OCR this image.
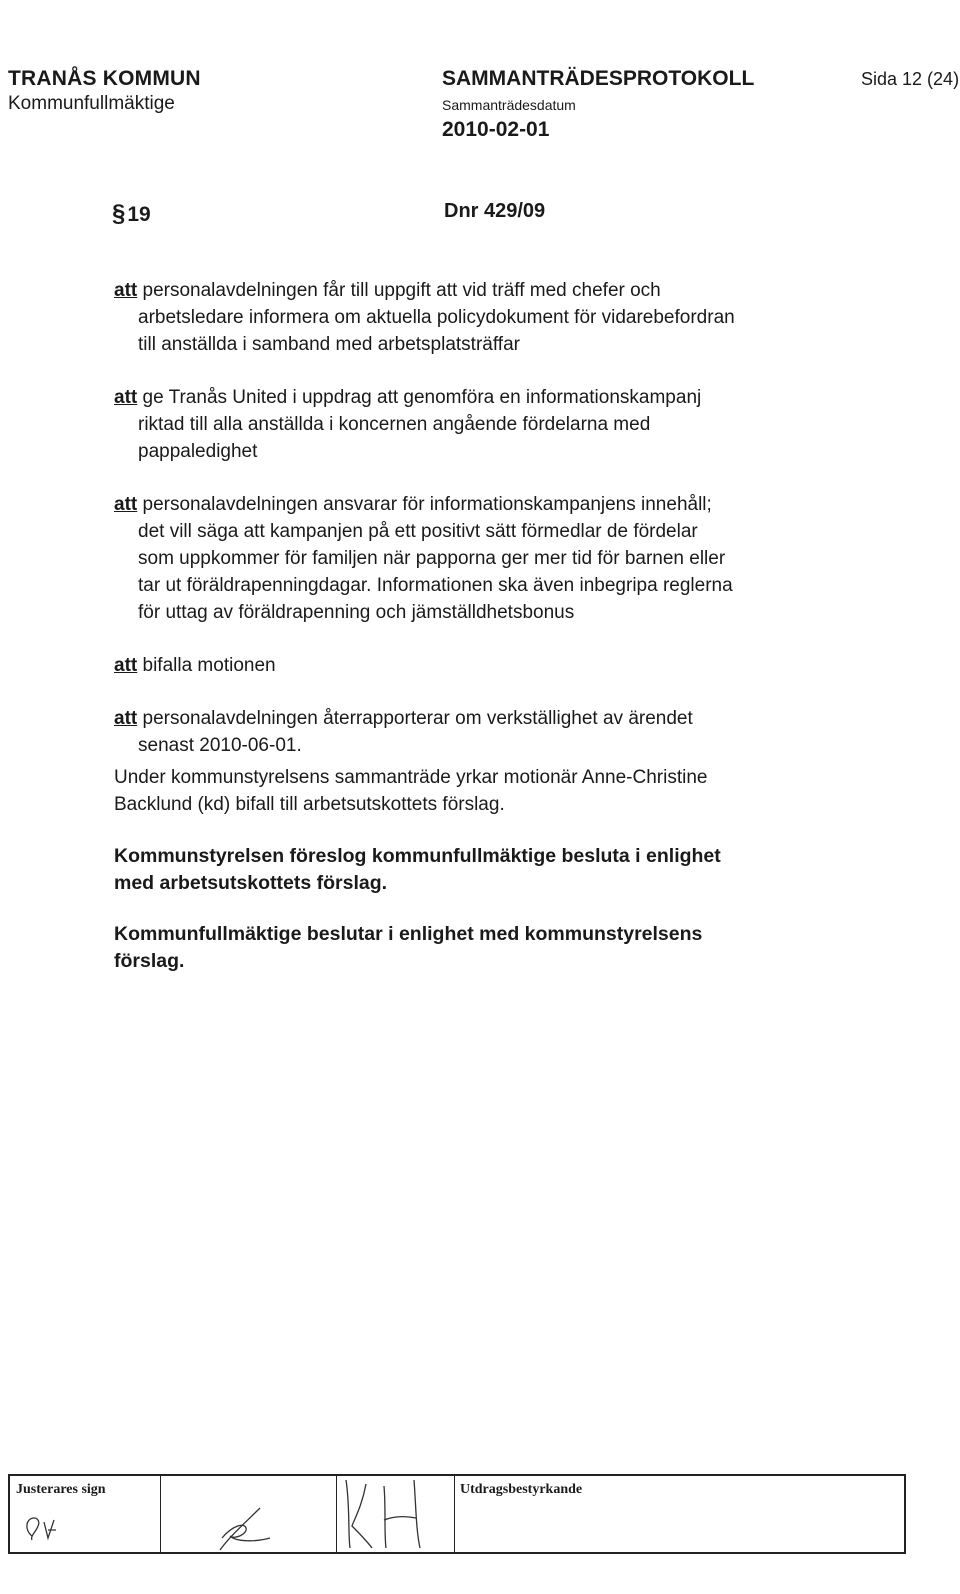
TRANÅS KOMMUN
Kommunfullmäktige
SAMMANTRÄDESPROTOKOLL
Sammanträdesdatum
2010-02-01
Sida 12 (24)
§19	Dnr 429/09
att personalavdelningen får till uppgift att vid träff med chefer och
arbetsledare informera om aktuella policydokument för vidarebefordran
till anställda i samband med arbetsplatsträffar
att ge Tranås United i uppdrag att genomföra en informationskampanj
riktad till alla anställda i koncernen angående fördelarna med
pappaledighet
att personalavdelningen ansvarar för informationskampanjens innehåll;
det vill säga att kampanjen på ett positivt sätt förmedlar de fördelar
som uppkommer för familjen när papporna ger mer tid för barnen eller
tar ut föräldrapenningdagar. Informationen ska även inbegripa reglerna
för uttag av föräldrapenning och jämställdhetsbonus
att bifalla motionen
att personalavdelningen återrapporterar om verkställighet av ärendet
senast 2010-06-01.
Under kommunstyrelsens sammanträde yrkar motionär Anne-Christine
Backlund (kd) bifall till arbetsutskottets förslag.
Kommunstyrelsen föreslog kommunfullmäktige besluta i enlighet
med arbetsutskottets förslag.
Kommunfullmäktige beslutar i enlighet med kommunstyrelsens
förslag.
Justerares sign	Utdragsbestyrkande
